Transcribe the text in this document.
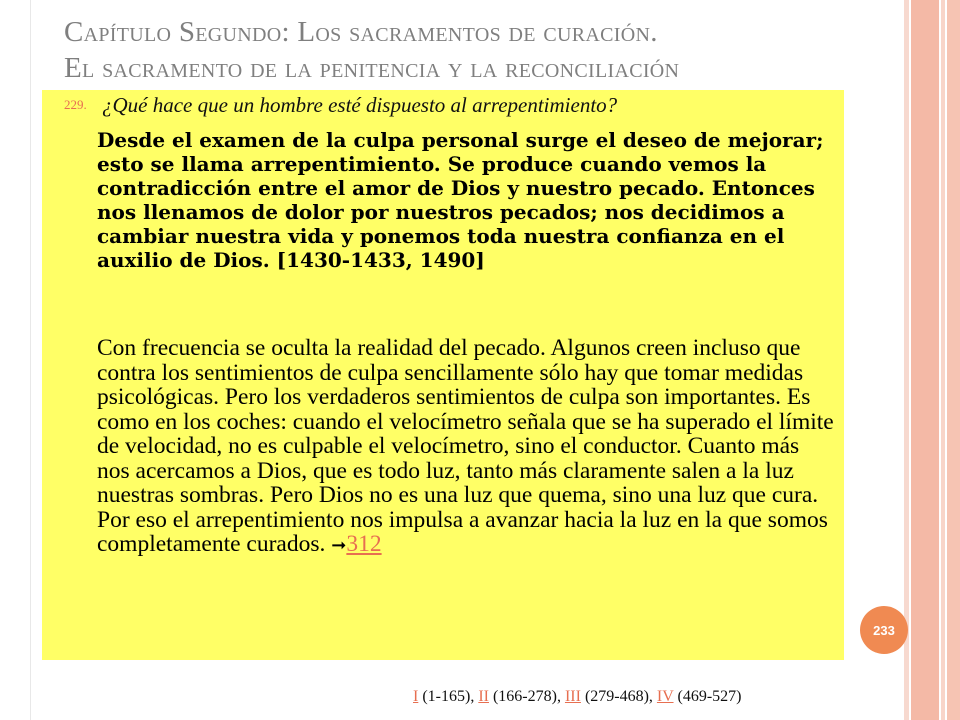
Capítulo Segundo: Los sacramentos de curación.
El sacramento de la penitencia y la reconciliación
229. ¿Qué hace que un hombre esté dispuesto al arrepentimiento?

Desde el examen de la culpa personal surge el deseo de mejorar; esto se llama arrepentimiento. Se produce cuando vemos la contradicción entre el amor de Dios y nuestro pecado. Entonces nos llenamos de dolor por nuestros pecados; nos decidimos a cambiar nuestra vida y ponemos toda nuestra confianza en el auxilio de Dios. [1430-1433, 1490]

Con frecuencia se oculta la realidad del pecado. Algunos creen incluso que contra los sentimientos de culpa sencillamente sólo hay que tomar medidas psicológicas. Pero los verdaderos sentimientos de culpa son importantes. Es como en los coches: cuando el velocímetro señala que se ha superado el límite de velocidad, no es culpable el velocímetro, sino el conductor. Cuanto más nos acercamos a Dios, que es todo luz, tanto más claramente salen a la luz nuestras sombras. Pero Dios no es una luz que quema, sino una luz que cura. Por eso el arrepentimiento nos impulsa a avanzar hacia la luz en la que somos completamente curados. ➞312

233
I (1-165), II (166-278), III (279-468), IV (469-527)
